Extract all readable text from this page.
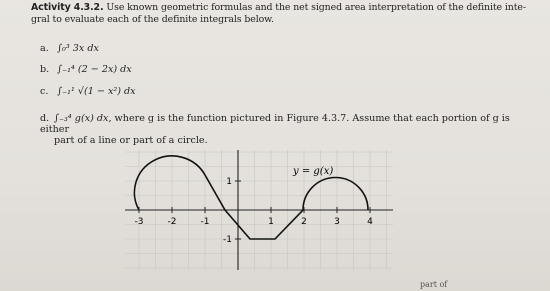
Activity 4.3.2. Use known geometric formulas and the net signed area interpretation of the definite inte-
gral to evaluate each of the definite integrals below.
a. ∫₀³ 3x dx
b. ∫₋₁⁴ (2 − 2x) dx
c. ∫₋₁¹ √(1 − x²) dx
d. ∫₋₃⁴ g(x) dx, where g is the function pictured in Figure 4.3.7. Assume that each portion of g is either
part of a line or part of a circle.
y = g(x)
-3	-2	-1	1	2	3	4
1
-1
part of
